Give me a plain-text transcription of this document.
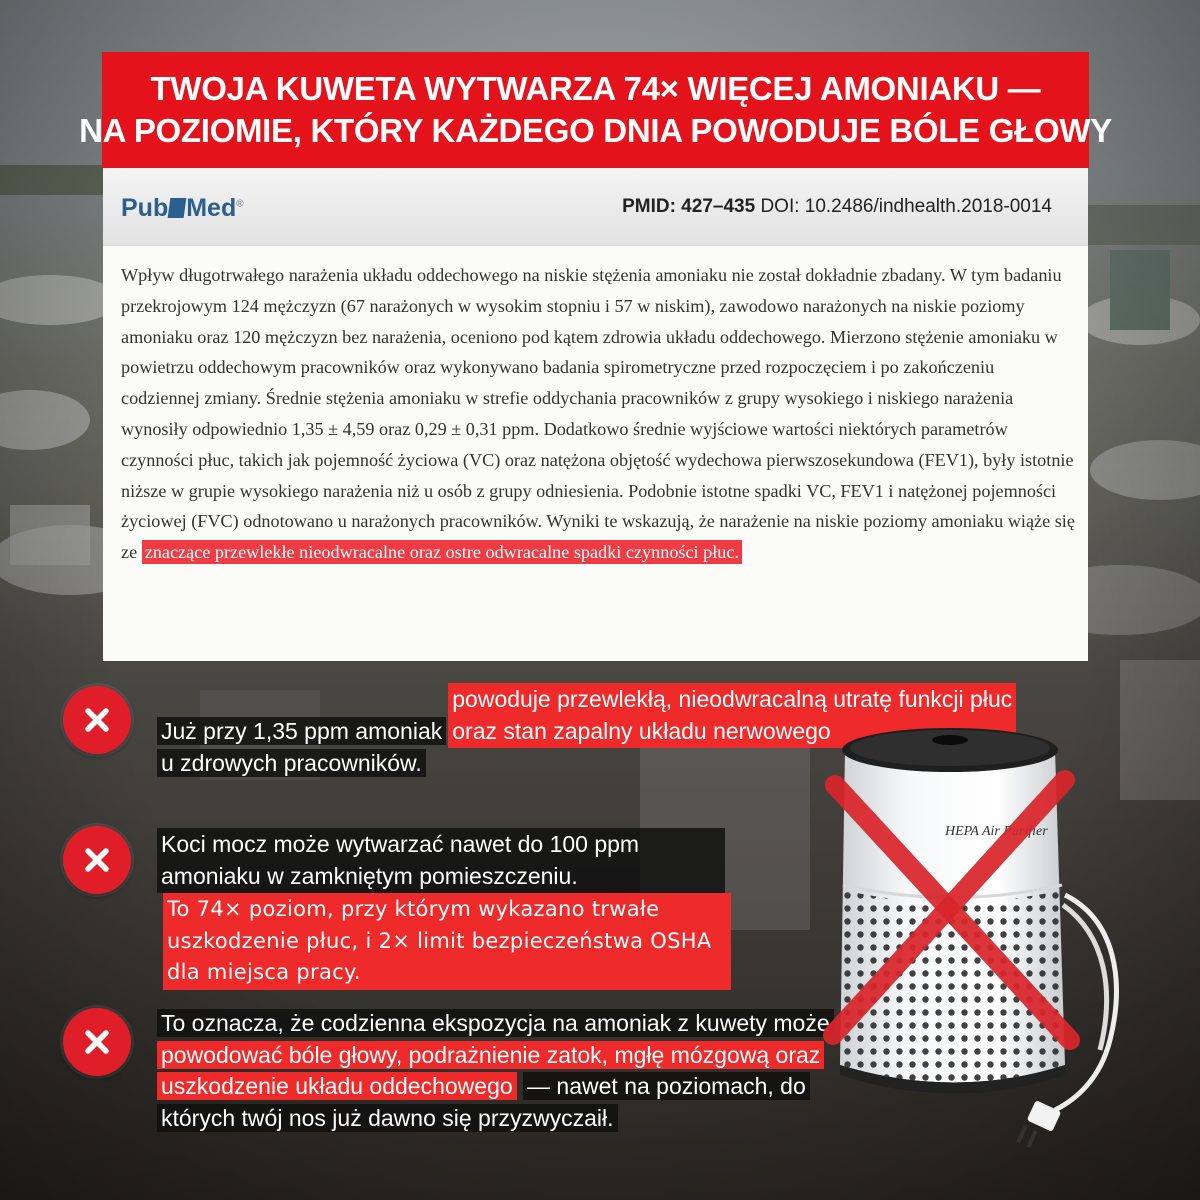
TWOJA KUWETA WYTWARZA 74× WIĘCEJ AMONIAKU —
NA POZIOMIE, KTÓRY KAŻDEGO DNIA POWODUJE BÓLE GŁOWY
Pub Med®	PMID: 427–435 DOI: 10.2486/indhealth.2018-0014
Wpływ długotrwałego narażenia układu oddechowego na niskie stężenia amoniaku nie został dokładnie zbadany. W tym badaniu przekrojowym 124 mężczyzn (67 narażonych w wysokim stopniu i 57 w niskim), zawodowo narażonych na niskie poziomy amoniaku oraz 120 mężczyzn bez narażenia, oceniono pod kątem zdrowia układu oddechowego. Mierzono stężenie amoniaku w powietrzu oddechowym pracowników oraz wykonywano badania spirometryczne przed rozpoczęciem i po zakończeniu codziennej zmiany. Średnie stężenia amoniaku w strefie oddychania pracowników z grupy wysokiego i niskiego narażenia wynosiły odpowiednio 1,35 ± 4,59 oraz 0,29 ± 0,31 ppm. Dodatkowo średnie wyjściowe wartości niektórych parametrów czynności płuc, takich jak pojemność życiowa (VC) oraz natężona objętość wydechowa pierwszosekundowa (FEV1), były istotnie niższe w grupie wysokiego narażenia niż u osób z grupy odniesienia. Podobnie istotne spadki VC, FEV1 i natężonej pojemności życiowej (FVC) odnotowano u narażonych pracowników. Wyniki te wskazują, że narażenie na niskie poziomy amoniaku wiąże się ze znaczące przewlekłe nieodwracalne oraz ostre odwracalne spadki czynności płuc.
Już przy 1,35 ppm amoniakpowoduje przewlekłą, nieodwracalną utratę funkcji płuc oraz stan zapalny układu nerwowego
u zdrowych pracowników.
Koci mocz może wytwarzać nawet do 100 ppm amoniaku w zamkniętym pomieszczeniu.
To 74× poziom, przy którym wykazano trwałe uszkodzenie płuc, i 2× limit bezpieczeństwa OSHA dla miejsca pracy.
To oznacza, że codzienna ekspozycja na amoniak z kuwety może powodować bóle głowy, podrażnienie zatok, mgłę mózgową oraz uszkodzenie układu oddechowego — nawet na poziomach, do których twój nos już dawno się przyzwyczaił.
HEPA Air Purifier
